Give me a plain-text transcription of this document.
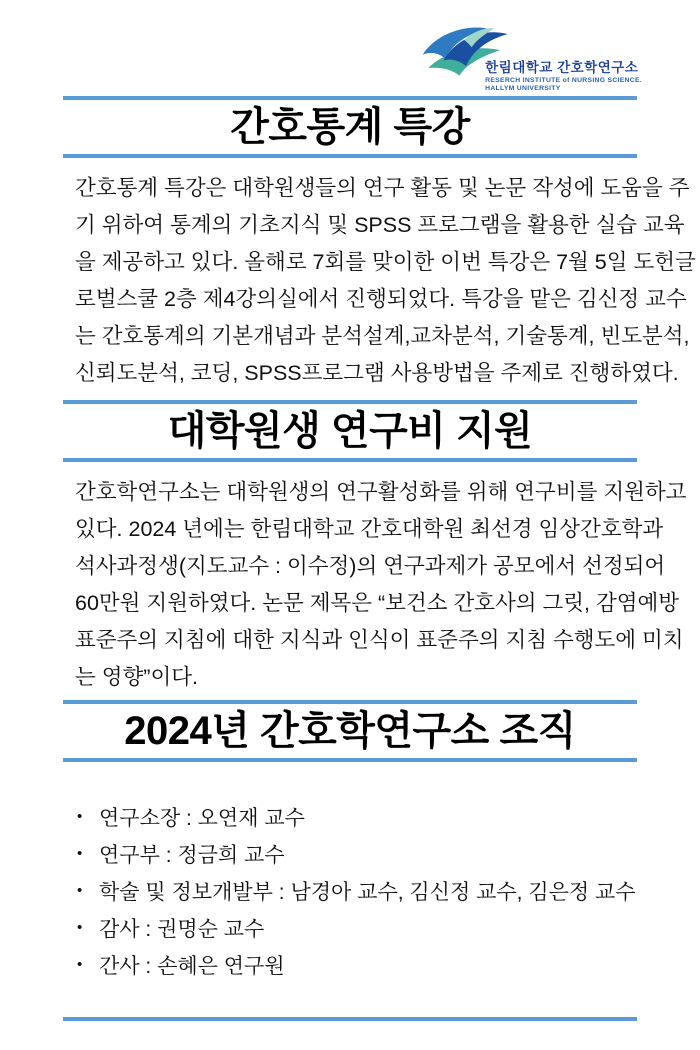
한림대학교 간호학연구소
RESERCH INSTITUTE of NURSING SCIENCE.
HALLYM UNIVERSITY
간호통계 특강
간호통계 특강은 대학원생들의 연구 활동 및 논문 작성에 도움을 주
기 위하여 통계의 기초지식 및 SPSS 프로그램을 활용한 실습 교육
을 제공하고 있다. 올해로 7회를 맞이한 이번 특강은 7월 5일 도헌글
로벌스쿨 2층 제4강의실에서 진행되었다. 특강을 맡은 김신정 교수
는 간호통계의 기본개념과 분석설계,교차분석, 기술통계, 빈도분석,
신뢰도분석, 코딩, SPSS프로그램 사용방법을 주제로 진행하였다.
대학원생 연구비 지원
간호학연구소는 대학원생의 연구활성화를 위해 연구비를 지원하고
있다. 2024 년에는 한림대학교 간호대학원 최선경 임상간호학과
석사과정생(지도교수 : 이수정)의 연구과제가 공모에서 선정되어
60만원 지원하였다. 논문 제목은 “보건소 간호사의 그릿, 감염예방
표준주의 지침에 대한 지식과 인식이 표준주의 지침 수행도에 미치
는 영향”이다.
2024년 간호학연구소 조직
• 연구소장 : 오연재 교수
• 연구부 : 정금희 교수
• 학술 및 정보개발부 : 남경아 교수, 김신정 교수, 김은정 교수
• 감사 : 권명순 교수
• 간사 : 손혜은 연구원
